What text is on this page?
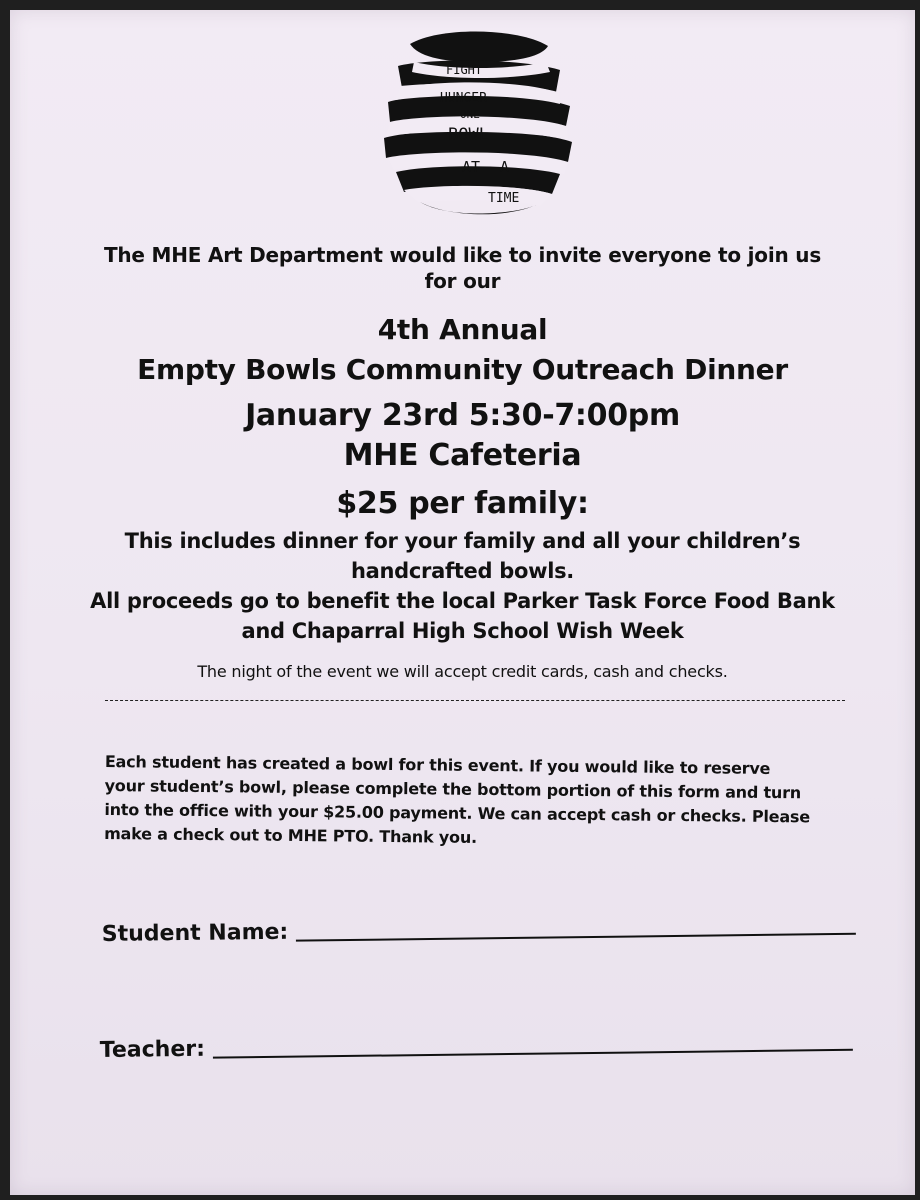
FIGHT
HUNGER
ONE
BOWL
AT A
TIME
The MHE Art Department would like to invite everyone to join us
for our
4th Annual
Empty Bowls Community Outreach Dinner
January 23rd 5:30-7:00pm
MHE Cafeteria
$25 per family:
This includes dinner for your family and all your children’s
handcrafted bowls.
All proceeds go to benefit the local Parker Task Force Food Bank
and Chaparral High School Wish Week
The night of the event we will accept credit cards, cash and checks.
Each student has created a bowl for this event. If you would like to reserve your student’s bowl, please complete the bottom portion of this form and turn into the office with your $25.00 payment. We can accept cash or checks. Please make a check out to MHE PTO. Thank you.
Student Name:
Teacher:
